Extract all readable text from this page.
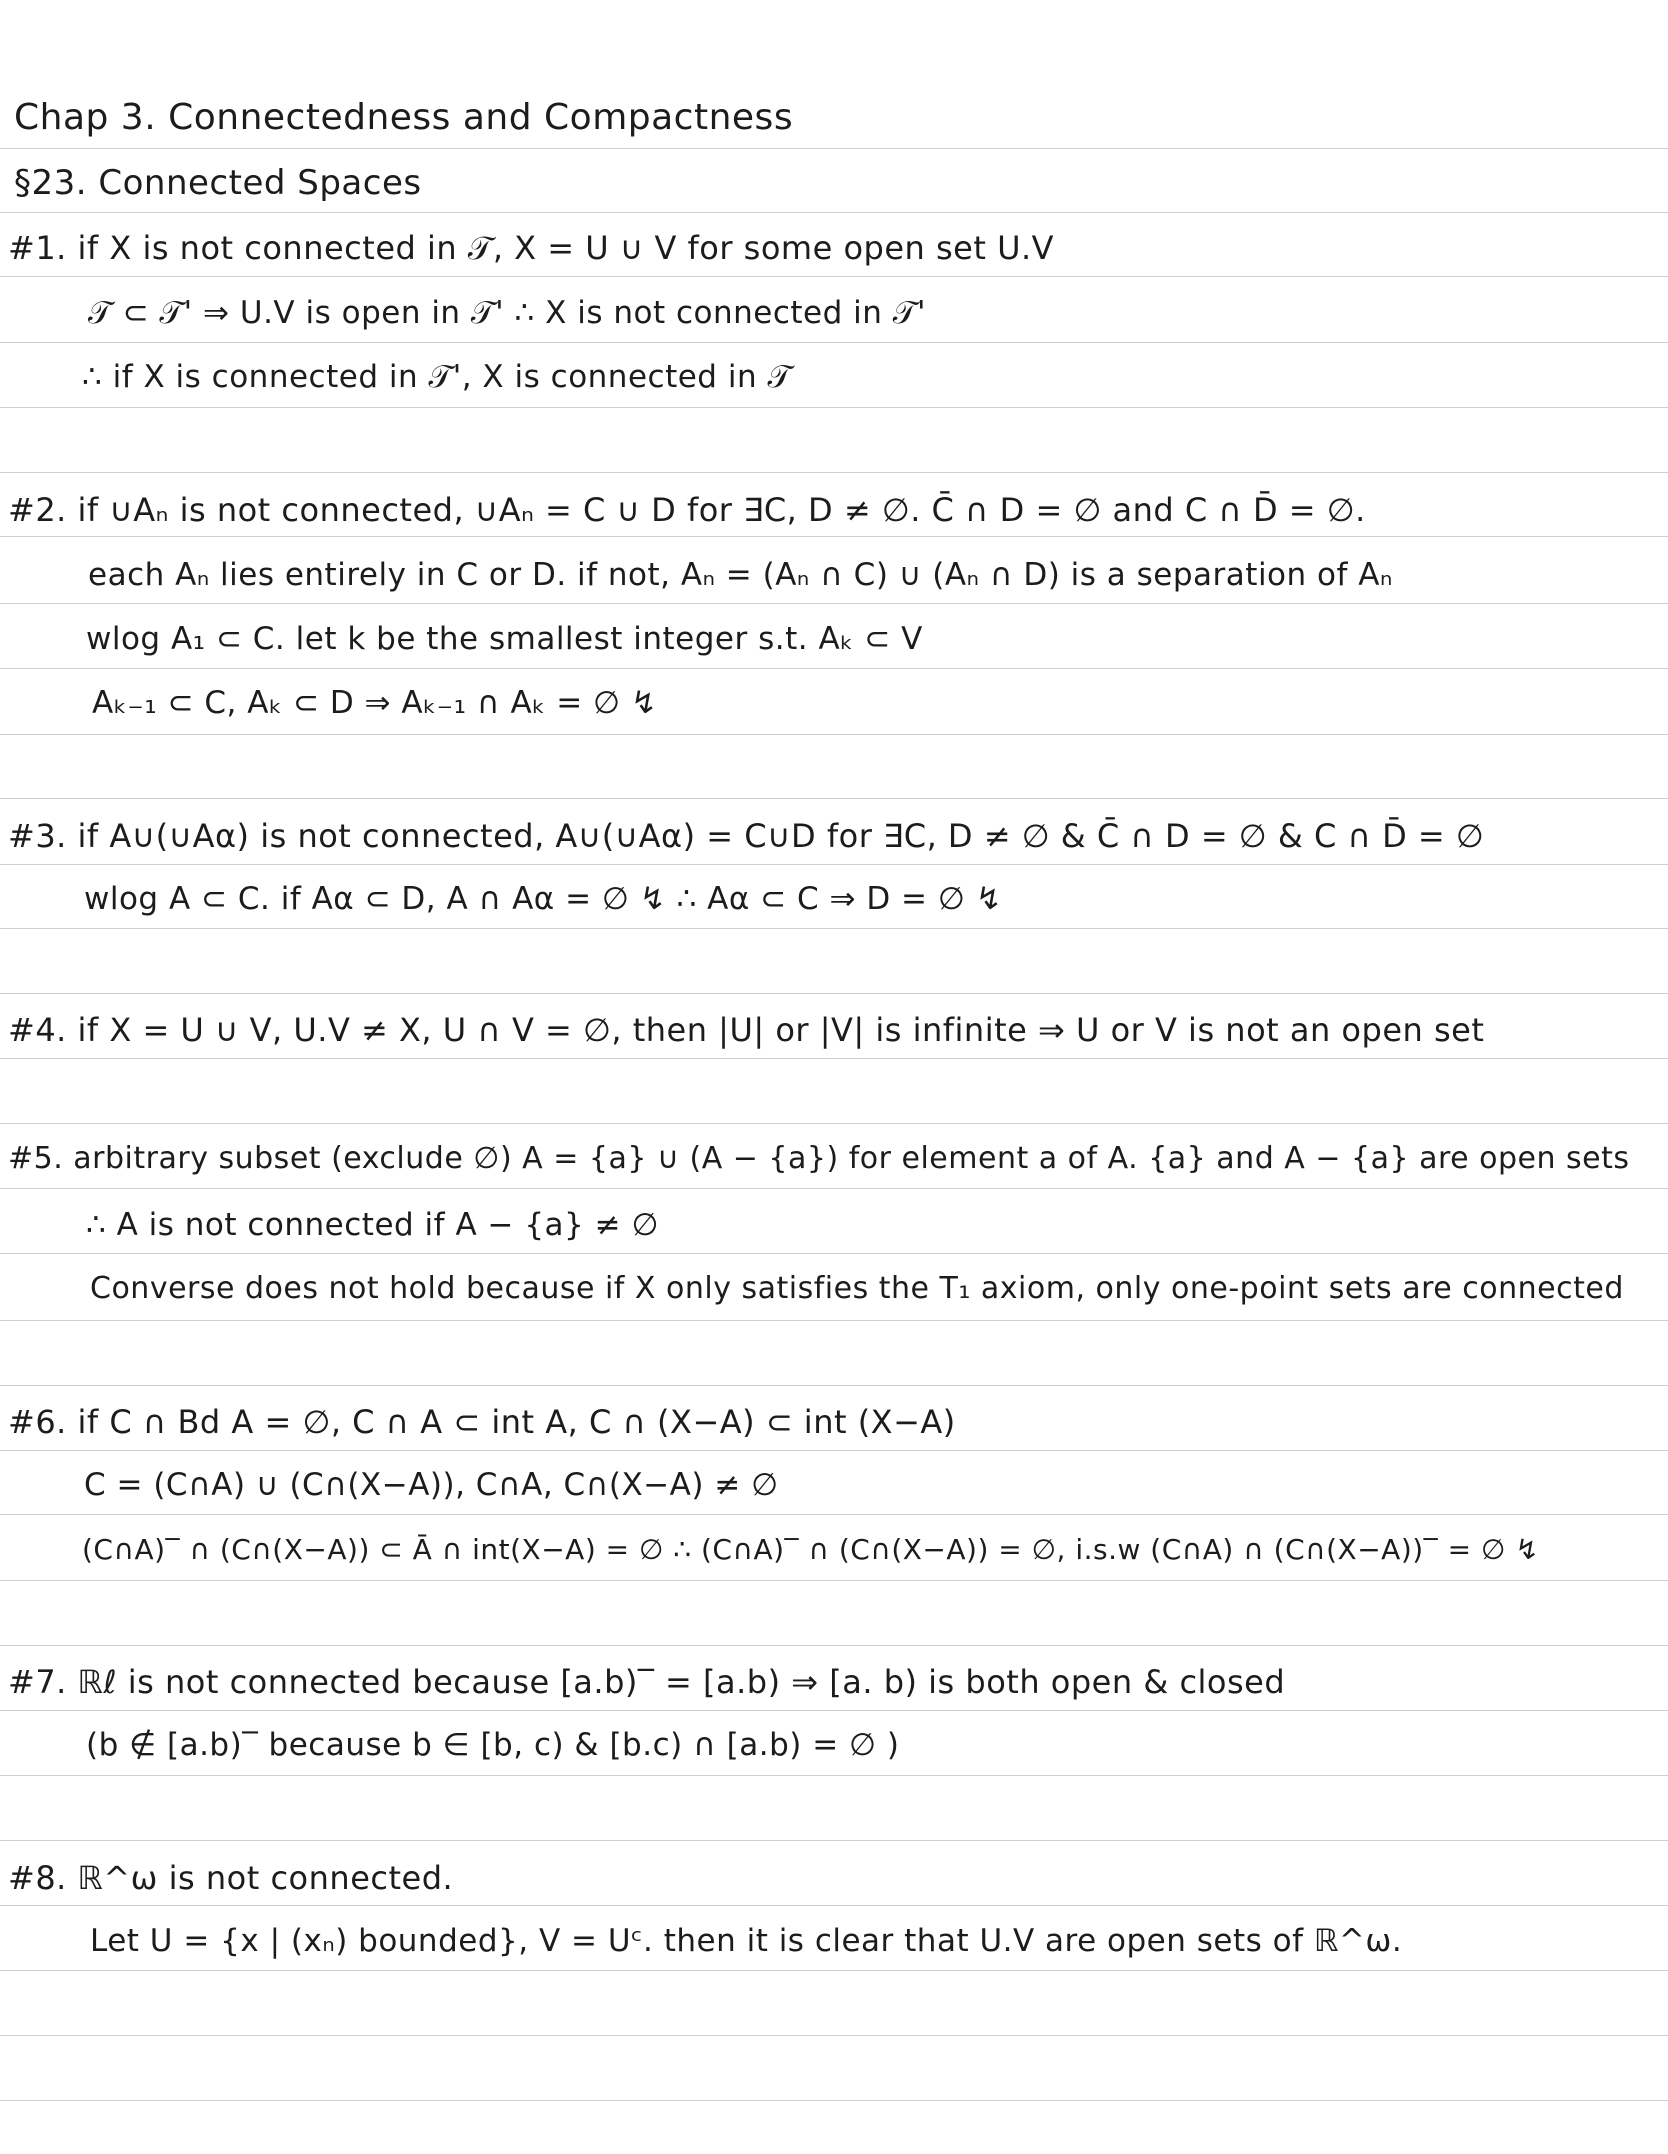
Chap 3. Connectedness and Compactness
§23. Connected Spaces
#1. if X is not connected in 𝒯, X = U ∪ V for some open set U.V
𝒯 ⊂ 𝒯' ⇒ U.V is open in 𝒯' ∴ X is not connected in 𝒯'
∴ if X is connected in 𝒯', X is connected in 𝒯
#2. if ∪Aₙ is not connected, ∪Aₙ = C ∪ D for ∃C, D ≠ ∅. C̄ ∩ D = ∅ and C ∩ D̄ = ∅.
each Aₙ lies entirely in C or D. if not, Aₙ = (Aₙ ∩ C) ∪ (Aₙ ∩ D) is a separation of Aₙ
wlog A₁ ⊂ C. let k be the smallest integer s.t. Aₖ ⊂ V
Aₖ₋₁ ⊂ C, Aₖ ⊂ D ⇒ Aₖ₋₁ ∩ Aₖ = ∅ ↯
#3. if A∪(∪Aα) is not connected, A∪(∪Aα) = C∪D for ∃C, D ≠ ∅ & C̄ ∩ D = ∅ & C ∩ D̄ = ∅
wlog A ⊂ C. if Aα ⊂ D, A ∩ Aα = ∅ ↯ ∴ Aα ⊂ C ⇒ D = ∅ ↯
#4. if X = U ∪ V, U.V ≠ X, U ∩ V = ∅, then |U| or |V| is infinite ⇒ U or V is not an open set
#5. arbitrary subset (exclude ∅) A = {a} ∪ (A − {a}) for element a of A. {a} and A − {a} are open sets
∴ A is not connected if A − {a} ≠ ∅
Converse does not hold because if X only satisfies the T₁ axiom, only one-point sets are connected
#6. if C ∩ Bd A = ∅, C ∩ A ⊂ int A, C ∩ (X−A) ⊂ int (X−A)
C = (C∩A) ∪ (C∩(X−A)), C∩A, C∩(X−A) ≠ ∅
(C∩A)‾ ∩ (C∩(X−A)) ⊂ Ā ∩ int(X−A) = ∅ ∴ (C∩A)‾ ∩ (C∩(X−A)) = ∅, i.s.w (C∩A) ∩ (C∩(X−A))‾ = ∅ ↯
#7. ℝℓ is not connected because [a.b)‾ = [a.b) ⇒ [a. b) is both open & closed
(b ∉ [a.b)‾ because b ∈ [b, c) & [b.c) ∩ [a.b) = ∅ )
#8. ℝ^ω is not connected.
Let U = {x | (xₙ) bounded}, V = Uᶜ. then it is clear that U.V are open sets of ℝ^ω.
